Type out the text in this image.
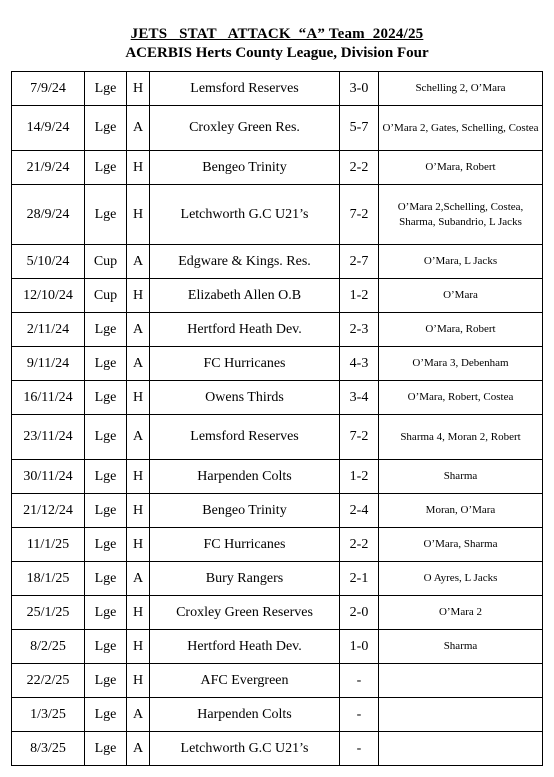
JETS   STAT   ATTACK  “A” Team  2024/25
ACERBIS Herts County League, Division Four
7/9/24	Lge	H	Lemsford Reserves	3-0	Schelling 2, O’Mara
14/9/24	Lge	A	Croxley Green Res.	5-7	O’Mara 2, Gates, Schelling, Costea
21/9/24	Lge	H	Bengeo Trinity	2-2	O’Mara, Robert
28/9/24	Lge	H	Letchworth G.C U21’s	7-2	O’Mara 2,Schelling, Costea, Sharma, Subandrio, L Jacks
5/10/24	Cup	A	Edgware & Kings. Res.	2-7	O’Mara, L Jacks
12/10/24	Cup	H	Elizabeth Allen O.B	1-2	O’Mara
2/11/24	Lge	A	Hertford Heath Dev.	2-3	O’Mara, Robert
9/11/24	Lge	A	FC Hurricanes	4-3	O’Mara 3, Debenham
16/11/24	Lge	H	Owens Thirds	3-4	O’Mara, Robert, Costea
23/11/24	Lge	A	Lemsford Reserves	7-2	Sharma 4, Moran 2, Robert
30/11/24	Lge	H	Harpenden Colts	1-2	Sharma
21/12/24	Lge	H	Bengeo Trinity	2-4	Moran, O’Mara
11/1/25	Lge	H	FC Hurricanes	2-2	O’Mara, Sharma
18/1/25	Lge	A	Bury Rangers	2-1	O Ayres, L Jacks
25/1/25	Lge	H	Croxley Green Reserves	2-0	O’Mara 2
8/2/25	Lge	H	Hertford Heath Dev.	1-0	Sharma
22/2/25	Lge	H	AFC Evergreen	-	
1/3/25	Lge	A	Harpenden Colts	-	
8/3/25	Lge	A	Letchworth G.C U21’s	-	
